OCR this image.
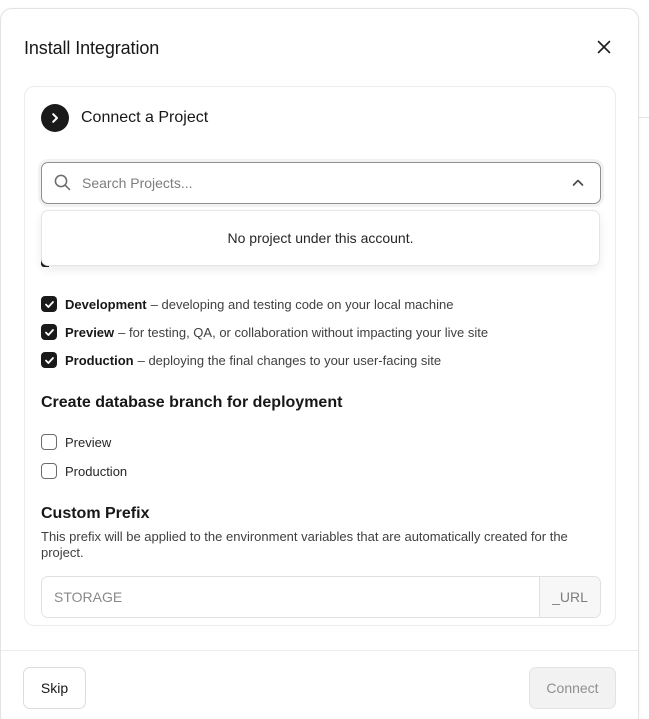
Install Integration
Connect a Project
Search Projects...
No project under this account.
Development – developing and testing code on your local machine
Preview – for testing, QA, or collaboration without impacting your live site
Production – deploying the final changes to your user-facing site
Create database branch for deployment
Preview
Production
Custom Prefix
This prefix will be applied to the environment variables that are automatically created for the project.
STORAGE
_URL
Skip	Connect
